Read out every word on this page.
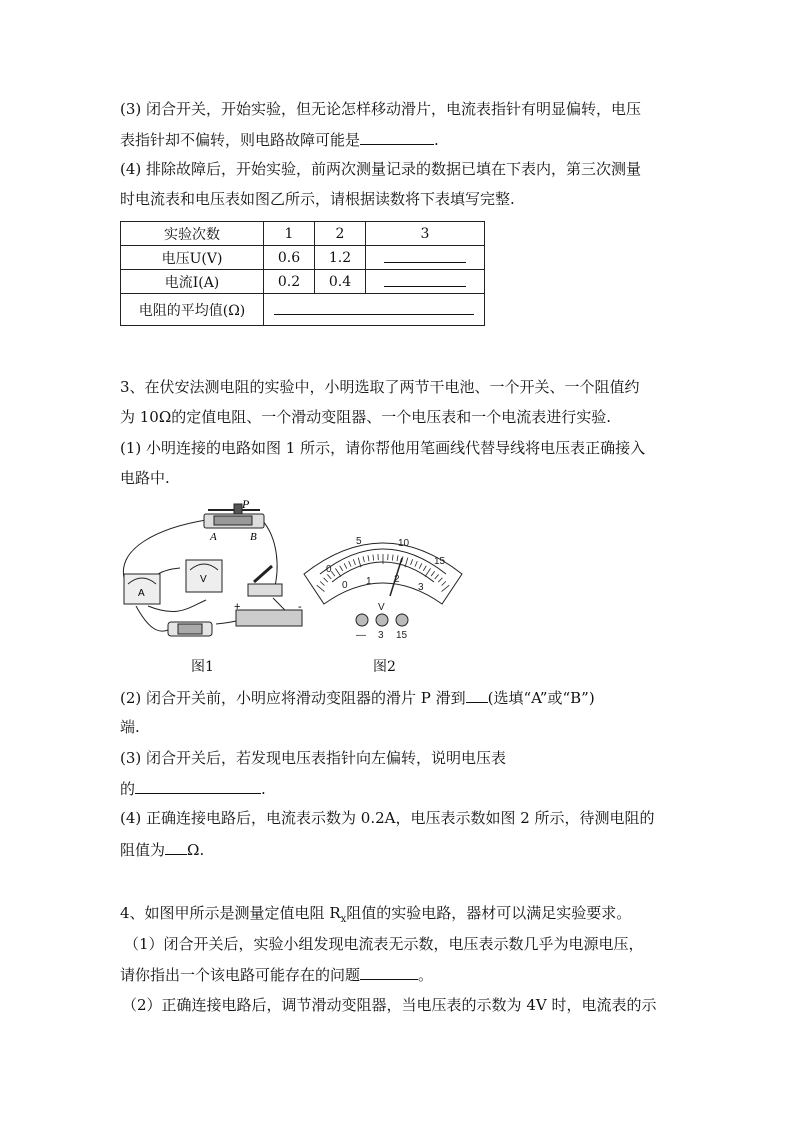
(3) 闭合开关，开始实验，但无论怎样移动滑片，电流表指针有明显偏转，电压
表指针却不偏转，则电路故障可能是	.
(4) 排除故障后，开始实验，前两次测量记录的数据已填在下表内，第三次测量
时电流表和电压表如图乙所示，请根据读数将下表填写完整.
实验次数	1	2	3
电压U(V)	0.6	1.2	
电流I(A)	0.2	0.4	
电阻的平均值(Ω)			
3、在伏安法测电阻的实验中，小明选取了两节干电池、一个开关、一个阻值约
为 10Ω的定值电阻、一个滑动变阻器、一个电压表和一个电流表进行实验.
(1) 小明连接的电路如图 1 所示，请你帮他用笔画线代替导线将电压表正确接入
电路中.
P
A	B
A
V
+	-
图1
0
5	10
15
0 1 2
3
V
— 3 15
图2
(2) 闭合开关前，小明应将滑动变阻器的滑片 P 滑到 (选填“A”或“B”)
端.
(3) 闭合开关后，若发现电压表指针向左偏转，说明电压表
的	.
(4) 正确连接电路后，电流表示数为 0.2A，电压表示数如图 2 所示，待测电阻的
阻值为 Ω.
4、如图甲所示是测量定值电阻 $R_x$阻值的实验电路，器材可以满足实验要求。
（1）闭合开关后，实验小组发现电流表无示数，电压表示数几乎为电源电压，
请你指出一个该电路可能存在的问题	。
（2）正确连接电路后，调节滑动变阻器，当电压表的示数为 4V 时，电流表的示
